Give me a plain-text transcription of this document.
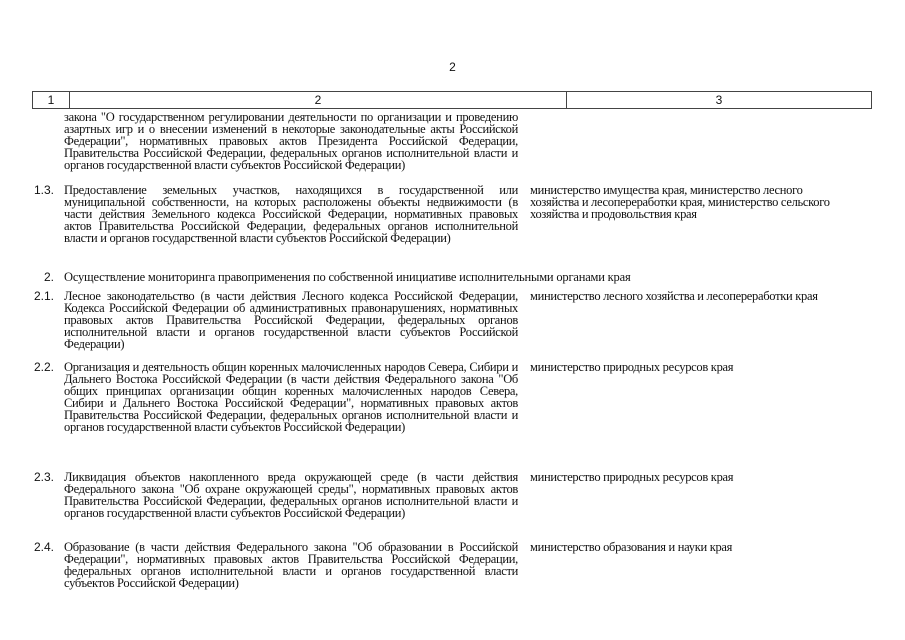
2
1	2	3
закона "О государственном регулировании деятельности по организации и проведению азартных игр и о внесении изменений в некоторые законодательные акты Российской Федерации", нормативных правовых актов Президента Российской Федерации, Правительства Российской Федерации, федеральных органов исполнительной власти и органов государственной власти субъектов Российской Федерации)
1.3. Предоставление земельных участков, находящихся в государственной или муниципальной собственности, на которых расположены объекты недвижимости (в части действия Земельного кодекса Российской Федерации, нормативных правовых актов Правительства Российской Федерации, федеральных органов исполнительной власти и органов государственной власти субъектов Российской Федерации)
министерство имущества края, министерство лесного хозяйства и лесопереработки края, министерство сельского хозяйства и продовольствия края
2. Осуществление мониторинга правоприменения по собственной инициативе исполнительными органами края
2.1. Лесное законодательство (в части действия Лесного кодекса Российской Федерации, Кодекса Российской Федерации об административных правонарушениях, нормативных правовых актов Правительства Российской Федерации, федеральных органов исполнительной власти и органов государственной власти субъектов Российской Федерации)
министерство лесного хозяйства и лесопереработки края
2.2. Организация и деятельность общин коренных малочисленных народов Севера, Сибири и Дальнего Востока Российской Федерации (в части действия Федерального закона "Об общих принципах организации общин коренных малочисленных народов Севера, Сибири и Дальнего Востока Российской Федерации", нормативных правовых актов Правительства Российской Федерации, федеральных органов исполнительной власти и органов государственной власти субъектов Российской Федерации)
министерство природных ресурсов края
2.3. Ликвидация объектов накопленного вреда окружающей среде (в части действия Федерального закона "Об охране окружающей среды", нормативных правовых актов Правительства Российской Федерации, федеральных органов исполнительной власти и органов государственной власти субъектов Российской Федерации)
министерство природных ресурсов края
2.4. Образование (в части действия Федерального закона "Об образовании в Российской Федерации", нормативных правовых актов Правительства Российской Федерации, федеральных органов исполнительной власти и органов государственной власти субъектов Российской Федерации)
министерство образования и науки края
